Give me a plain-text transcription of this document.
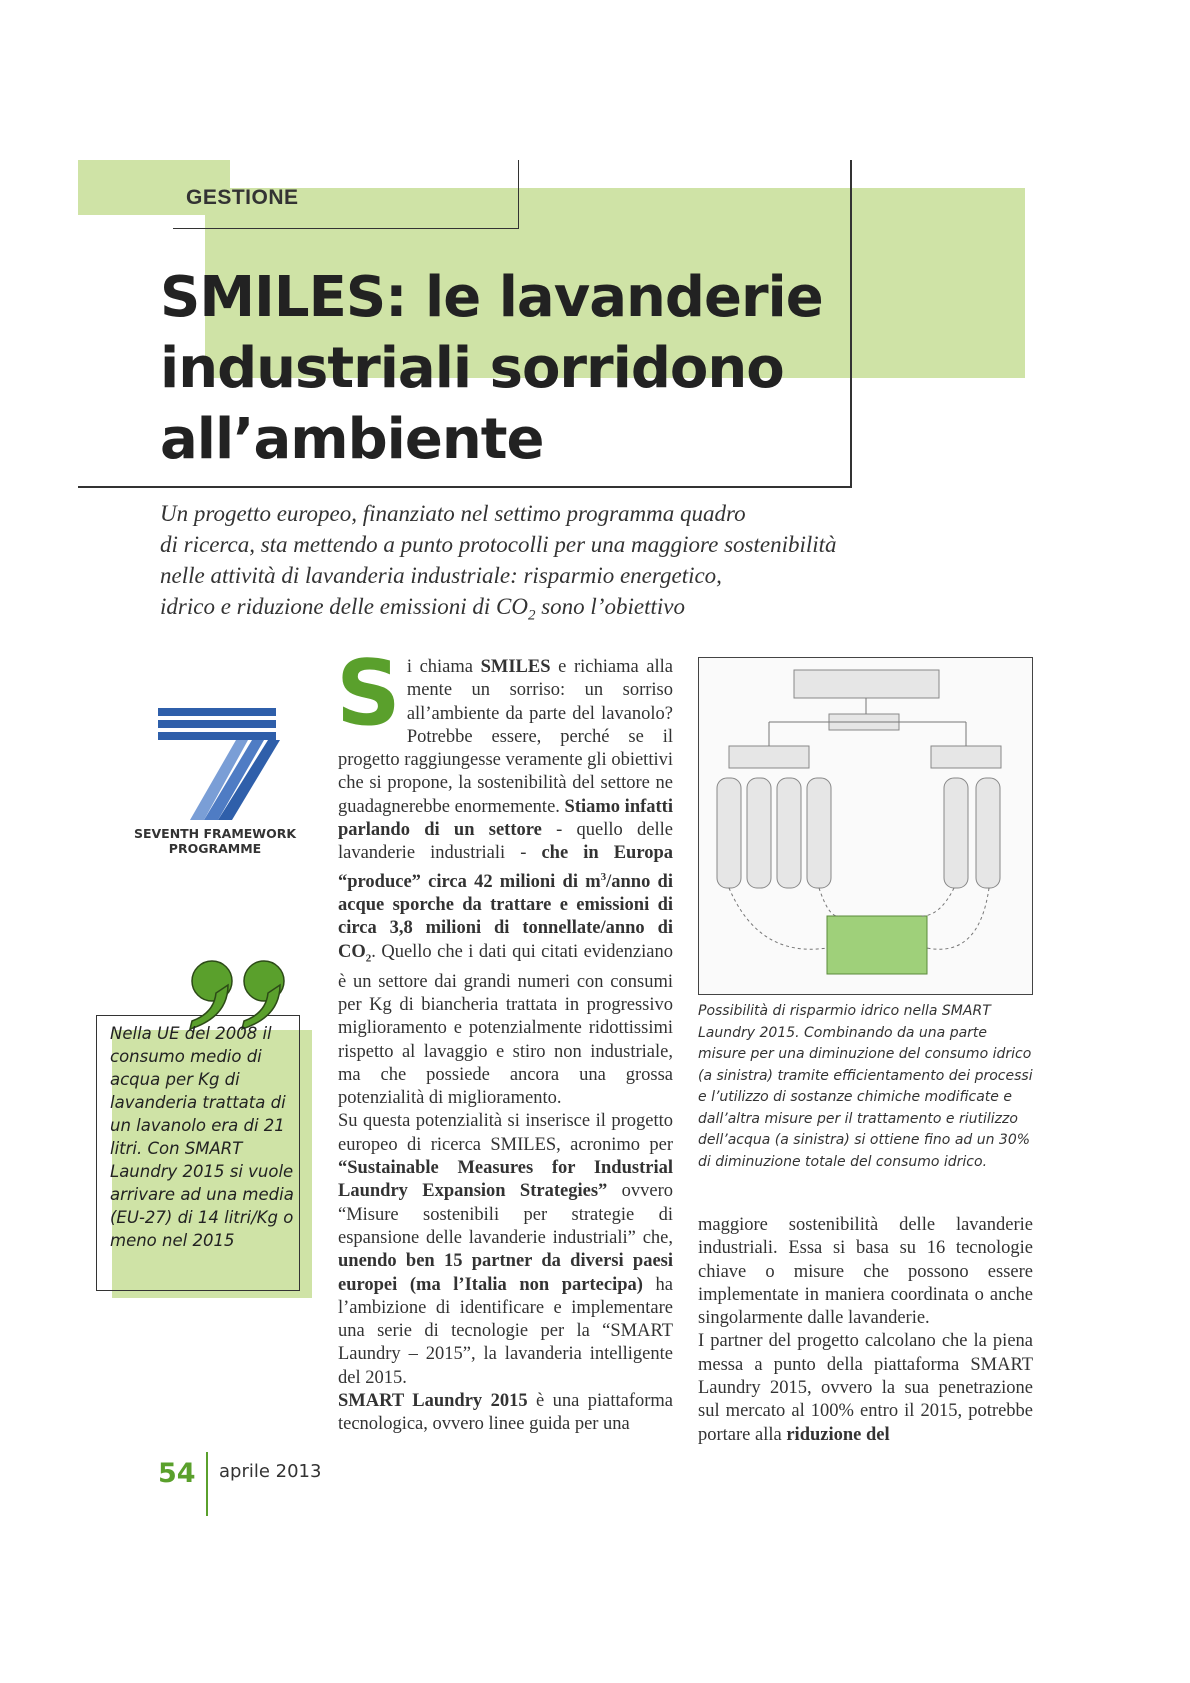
GESTIONE
SMILES: le lavanderie
industriali sorridono
all’ambiente
Un progetto europeo, finanziato nel settimo programma quadro
di ricerca, sta mettendo a punto protocolli per una maggiore sostenibilità
nelle attività di lavanderia industriale: risparmio energetico,
idrico e riduzione delle emissioni di $CO_2$ sono l’obiettivo
SEVENTH FRAMEWORK
PROGRAMME
Nella UE del 2008 il consumo medio di acqua per Kg di lavanderia trattata di un lavanolo era di 21 litri. Con SMART Laundry 2015 si vuole arrivare ad una media (EU-27) di 14 litri/Kg o meno nel 2015
S i chiama SMILES e richiama alla mente un sorriso: un sorriso all’ambiente da parte del lavanolo? Potrebbe essere, perché se il progetto raggiungesse veramente gli obiettivi che si propone, la sostenibilità del settore ne guadagnerebbe enormemente. Stiamo infatti parlando di un settore - quello delle lavanderie industriali - che in Europa “produce” circa 42 milioni di $m^3$/anno di acque sporche da trattare e emissioni di circa 3,8 milioni di tonnellate/anno di $CO_2$. Quello che i dati qui citati evidenziano è un settore dai grandi numeri con consumi per Kg di biancheria trattata in progressivo miglioramento e potenzialmente ridottissimi rispetto al lavaggio e stiro non industriale, ma che possiede ancora una grossa potenzialità di miglioramento.
Su questa potenzialità si inserisce il progetto europeo di ricerca SMILES, acronimo per “Sustainable Measures for Industrial Laundry Expansion Strategies” ovvero “Misure sostenibili per strategie di espansione delle lavanderie industriali” che, unendo ben 15 partner da diversi paesi europei (ma l’Italia non partecipa) ha l’ambizione di identificare e implementare una serie di tecnologie per la “SMART Laundry – 2015”, la lavanderia intelligente del 2015.
SMART Laundry 2015 è una piattaforma tecnologica, ovvero linee guida per una
Possibilità di risparmio idrico nella SMART Laundry 2015. Combinando da una parte misure per una diminuzione del consumo idrico (a sinistra) tramite efficientamento dei processi e l’utilizzo di sostanze chimiche modificate e dall’altra misure per il trattamento e riutilizzo dell’acqua (a sinistra) si ottiene fino ad un 30% di diminuzione totale del consumo idrico.
maggiore sostenibilità delle lavanderie industriali. Essa si basa su 16 tecnologie chiave o misure che possono essere implementate in maniera coordinata o anche singolarmente dalle lavanderie.
I partner del progetto calcolano che la piena messa a punto della piattaforma SMART Laundry 2015, ovvero la sua penetrazione sul mercato al 100% entro il 2015, potrebbe portare alla riduzione del
54 aprile 2013
